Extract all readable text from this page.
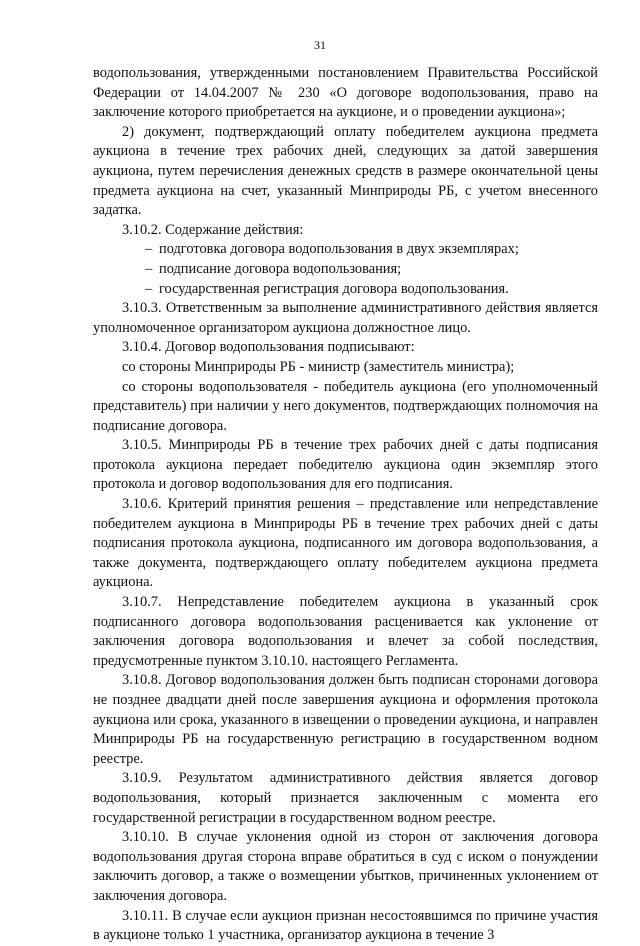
31

водопользования, утвержденными постановлением Правительства Российской Федерации от 14.04.2007 № 230 «О договоре водопользования, право на заключение которого приобретается на аукционе, и о проведении аукциона»;

2) документ, подтверждающий оплату победителем аукциона предмета аукциона в течение трех рабочих дней, следующих за датой завершения аукциона, путем перечисления денежных средств в размере окончательной цены предмета аукциона на счет, указанный Минприроды РБ, с учетом внесенного задатка.

3.10.2. Содержание действия:

– подготовка договора водопользования в двух экземплярах;

– подписание договора водопользования;

– государственная регистрация договора водопользования.

3.10.3. Ответственным за выполнение административного действия является уполномоченное организатором аукциона должностное лицо.

3.10.4. Договор водопользования подписывают:

со стороны Минприроды РБ - министр (заместитель министра);

со стороны водопользователя - победитель аукциона (его уполномоченный представитель) при наличии у него документов, подтверждающих полномочия на подписание договора.

3.10.5. Минприроды РБ в течение трех рабочих дней с даты подписания протокола аукциона передает победителю аукциона один экземпляр этого протокола и договор водопользования для его подписания.

3.10.6. Критерий принятия решения – представление или непредставление победителем аукциона в Минприроды РБ в течение трех рабочих дней с даты подписания протокола аукциона, подписанного им договора водопользования, а также документа, подтверждающего оплату победителем аукциона предмета аукциона.

3.10.7. Непредставление победителем аукциона в указанный срок подписанного договора водопользования расценивается как уклонение от заключения договора водопользования и влечет за собой последствия, предусмотренные пунктом 3.10.10. настоящего Регламента.

3.10.8. Договор водопользования должен быть подписан сторонами договора не позднее двадцати дней после завершения аукциона и оформления протокола аукциона или срока, указанного в извещении о проведении аукциона, и направлен Минприроды РБ на государственную регистрацию в государственном водном реестре.

3.10.9. Результатом административного действия является договор водопользования, который признается заключенным с момента его государственной регистрации в государственном водном реестре.

3.10.10. В случае уклонения одной из сторон от заключения договора водопользования другая сторона вправе обратиться в суд с иском о понуждении заключить договор, а также о возмещении убытков, причиненных уклонением от заключения договора.

3.10.11. В случае если аукцион признан несостоявшимся по причине участия в аукционе только 1 участника, организатор аукциона в течение 3
